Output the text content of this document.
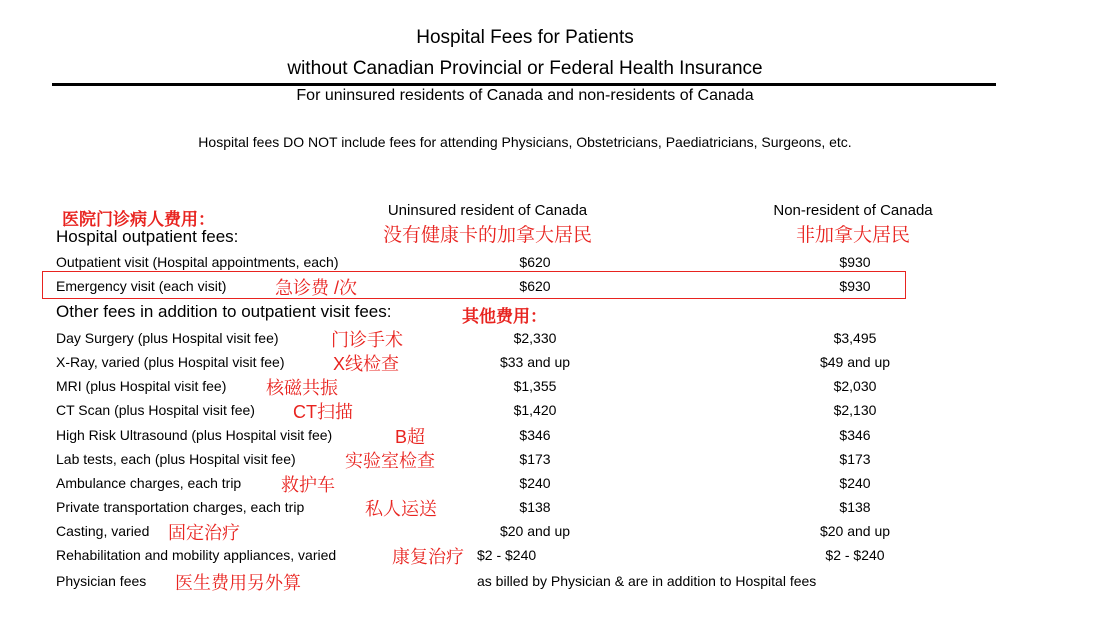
Hospital Fees for Patients
without Canadian Provincial or Federal Health Insurance
For uninsured residents of Canada and non-residents of Canada
Hospital fees DO NOT include fees for attending Physicians, Obstetricians, Paediatricians, Surgeons, etc.
医院门诊病人费用：
Hospital outpatient fees:
Uninsured resident of Canada
没有健康卡的加拿大居民
Non-resident of Canada
非加拿大居民
Outpatient visit (Hospital appointments, each)	$620	$930
Emergency visit (each visit)	急诊费 /次	$620	$930
Other fees in addition to outpatient visit fees:	其他费用：
Day Surgery (plus Hospital visit fee)	门诊手术	$2,330	$3,495
X-Ray, varied (plus Hospital visit fee)	X线检查	$33 and up	$49 and up
MRI (plus Hospital visit fee) 核磁共振	$1,355	$2,030
CT Scan (plus Hospital visit fee) CT扫描	$1,420	$2,130
High Risk Ultrasound (plus Hospital visit fee)	B超	$346	$346
Lab tests, each (plus Hospital visit fee)	实验室检查	$173	$173
Ambulance charges, each trip 救护车	$240	$240
Private transportation charges, each trip	私人运送	$138	$138
Casting, varied 固定治疗	$20 and up	$20 and up
Rehabilitation and mobility appliances, varied	康复治疗 $2 - $240	$2 - $240
Physician fees 医生费用另外算	as billed by Physician & are in addition to Hospital fees
